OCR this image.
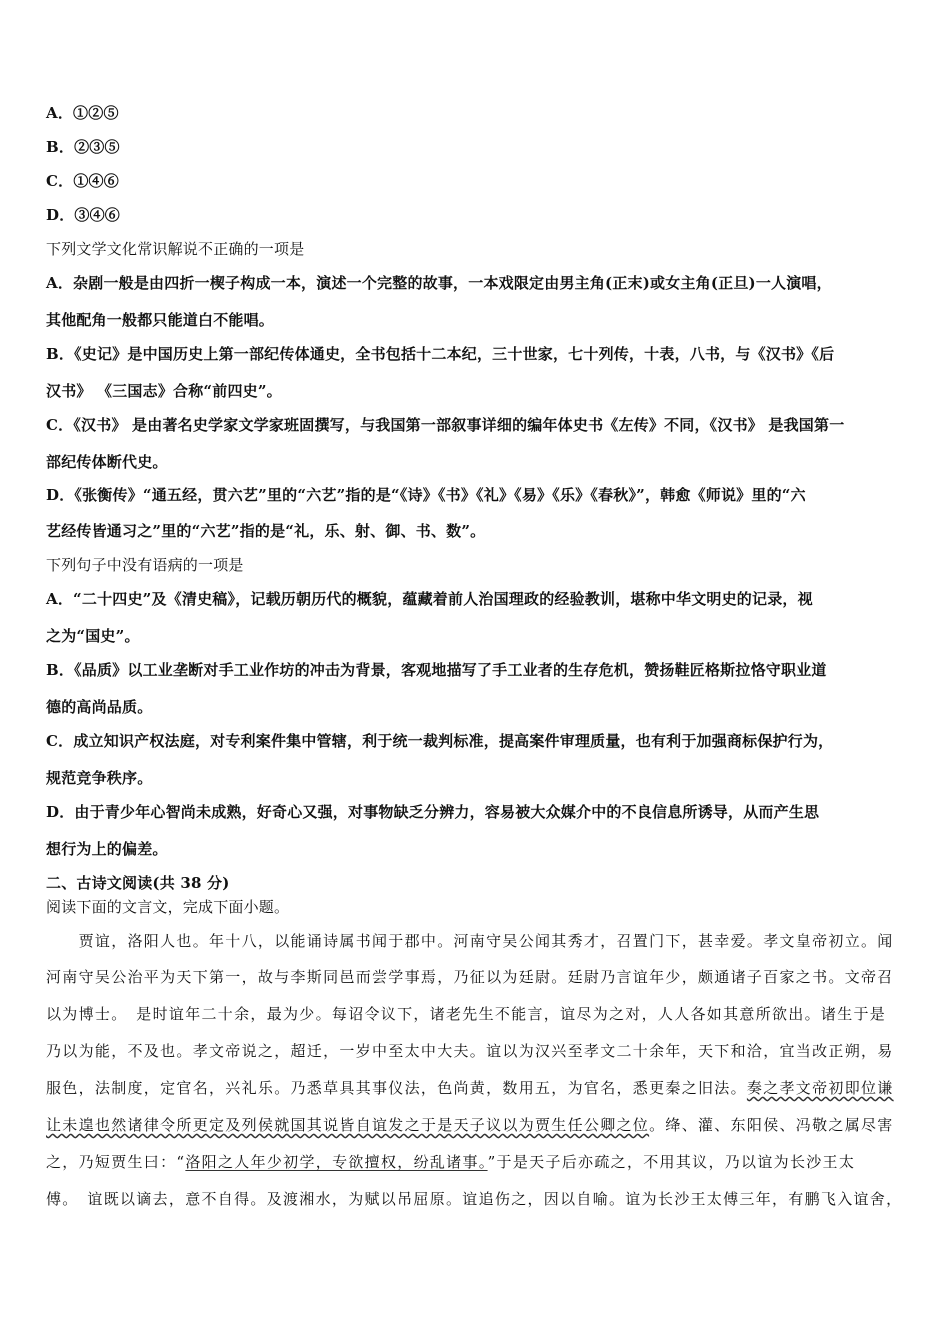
A．①②⑤
B．②③⑤
C．①④⑥
D．③④⑥
下列文学文化常识解说不正确的一项是
A．杂剧一般是由四折一楔子构成一本，演述一个完整的故事，一本戏限定由男主角(正末)或女主角(正旦)一人演唱，
其他配角一般都只能道白不能唱。
B．《史记》是中国历史上第一部纪传体通史，全书包括十二本纪，三十世家，七十列传，十表，八书，与《汉书》《后
汉书》 《三国志》合称“前四史”。
C．《汉书》 是由著名史学家文学家班固撰写，与我国第一部叙事详细的编年体史书《左传》不同，《汉书》 是我国第一
部纪传体断代史。
D．《张衡传》“通五经，贯六艺”里的“六艺”指的是“《诗》《书》《礼》《易》《乐》《春秋》”，韩愈《师说》里的“六
艺经传皆通习之”里的“六艺”指的是“礼，乐、射、御、书、数”。
下列句子中没有语病的一项是
A．“二十四史”及《清史稿》，记载历朝历代的概貌，蕴藏着前人治国理政的经验教训，堪称中华文明史的记录，视
之为“国史”。
B．《品质》以工业垄断对手工业作坊的冲击为背景，客观地描写了手工业者的生存危机，赞扬鞋匠格斯拉恪守职业道
德的高尚品质。
C．成立知识产权法庭，对专利案件集中管辖，利于统一裁判标准，提高案件审理质量，也有利于加强商标保护行为，
规范竞争秩序。
D．由于青少年心智尚未成熟，好奇心又强，对事物缺乏分辨力，容易被大众媒介中的不良信息所诱导，从而产生思
想行为上的偏差。
二、古诗文阅读(共 38 分)
阅读下面的文言文，完成下面小题。
　　贾谊，洛阳人也。年十八，以能诵诗属书闻于郡中。河南守吴公闻其秀才，召置门下，甚幸爱。孝文皇帝初立。闻
河南守吴公治平为天下第一，故与李斯同邑而尝学事焉，乃征以为廷尉。廷尉乃言谊年少，颇通诸子百家之书。文帝召
以为博士。　是时谊年二十余，最为少。每诏令议下，诸老先生不能言，谊尽为之对，人人各如其意所欲出。诸生于是
乃以为能，不及也。孝文帝说之，超迁，一岁中至太中大夫。谊以为汉兴至孝文二十余年，天下和洽，宜当改正朔，易
服色，法制度，定官名，兴礼乐。乃悉草具其事仪法，色尚黄，数用五，为官名，悉更秦之旧法。奏之孝文帝初即位谦
让未遑也然诸律令所更定及列侯就国其说皆自谊发之于是天子议以为贾生任公卿之位。绛、灌、东阳侯、冯敬之属尽害
之，乃短贾生曰：“洛阳之人年少初学，专欲擅权，纷乱诸事。”于是天子后亦疏之，不用其议，乃以谊为长沙王太
傅。　谊既以谪去，意不自得。及渡湘水，为赋以吊屈原。谊追伤之，因以自喻。谊为长沙王太傅三年，有鹏飞入谊舍，
